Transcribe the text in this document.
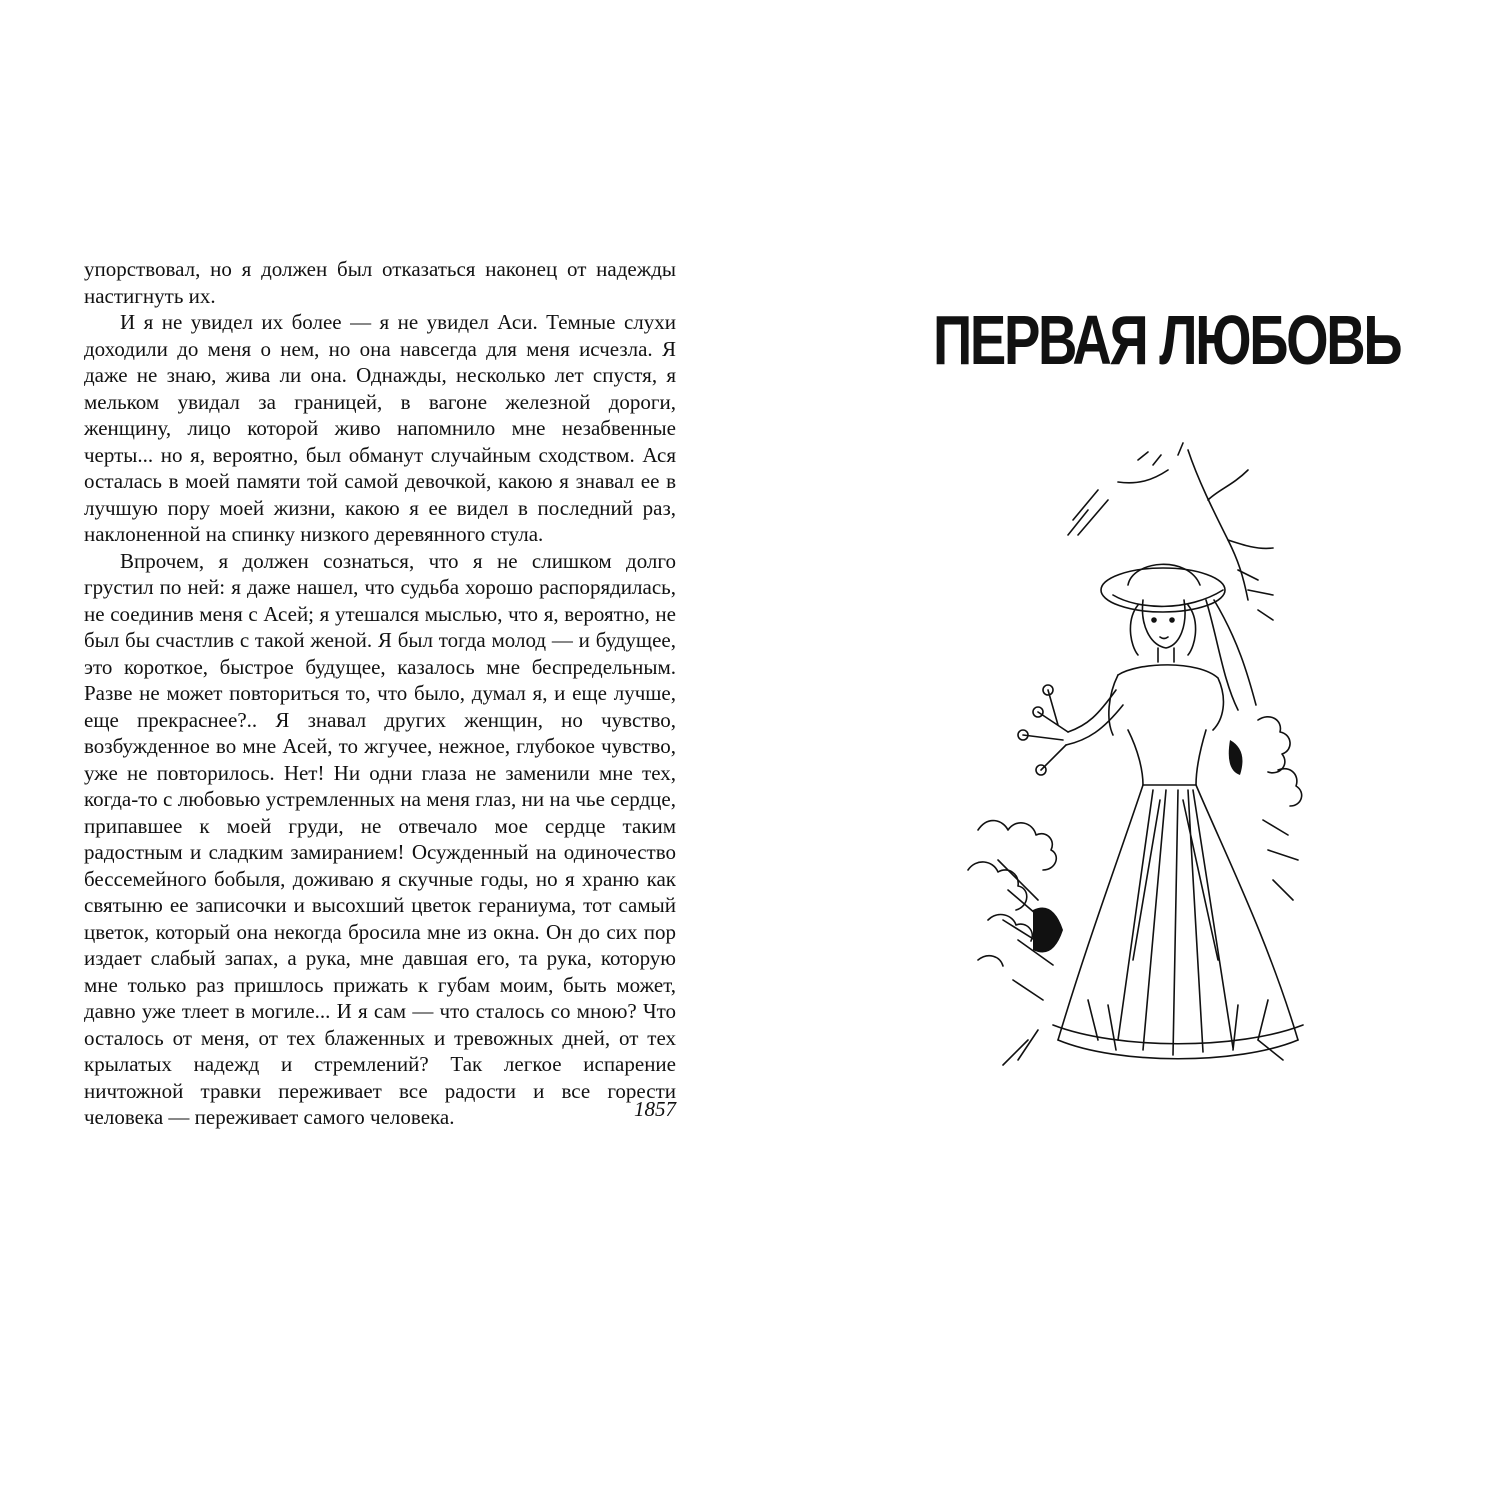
упорствовал, но я должен был отказаться наконец от надежды настигнуть их.

И я не увидел их более — я не увидел Аси. Темные слухи доходили до меня о нем, но она навсегда для меня исчезла. Я даже не знаю, жива ли она. Однажды, несколько лет спустя, я мельком увидал за границей, в вагоне железной дороги, женщину, лицо которой живо напомнило мне незабвенные черты... но я, вероятно, был обманут случайным сходством. Ася осталась в моей памяти той самой девочкой, какою я знавал ее в лучшую пору моей жизни, какою я ее видел в последний раз, наклоненной на спинку низкого деревянного стула.

Впрочем, я должен сознаться, что я не слишком долго грустил по ней: я даже нашел, что судьба хорошо распорядилась, не соединив меня с Асей; я утешался мыслью, что я, вероятно, не был бы счастлив с такой женой. Я был тогда молод — и будущее, это короткое, быстрое будущее, казалось мне беспредельным. Разве не может повториться то, что было, думал я, и еще лучше, еще прекраснее?.. Я знавал других женщин, но чувство, возбужденное во мне Асей, то жгучее, нежное, глубокое чувство, уже не повторилось. Нет! Ни одни глаза не заменили мне тех, когда-то с любовью устремленных на меня глаз, ни на чье сердце, припавшее к моей груди, не отвечало мое сердце таким радостным и сладким замиранием! Осужденный на одиночество бессемейного бобыля, доживаю я скучные годы, но я храню как святыню ее записочки и высохший цветок гераниума, тот самый цветок, который она некогда бросила мне из окна. Он до сих пор издает слабый запах, а рука, мне давшая его, та рука, которую мне только раз пришлось прижать к губам моим, быть может, давно уже тлеет в могиле... И я сам — что сталось со мною? Что осталось от меня, от тех блаженных и тревожных дней, от тех крылатых надежд и стремлений? Так легкое испарение ничтожной травки переживает все радости и все горести человека — переживает самого человека.	1857
ПЕРВАЯ ЛЮБОВЬ
